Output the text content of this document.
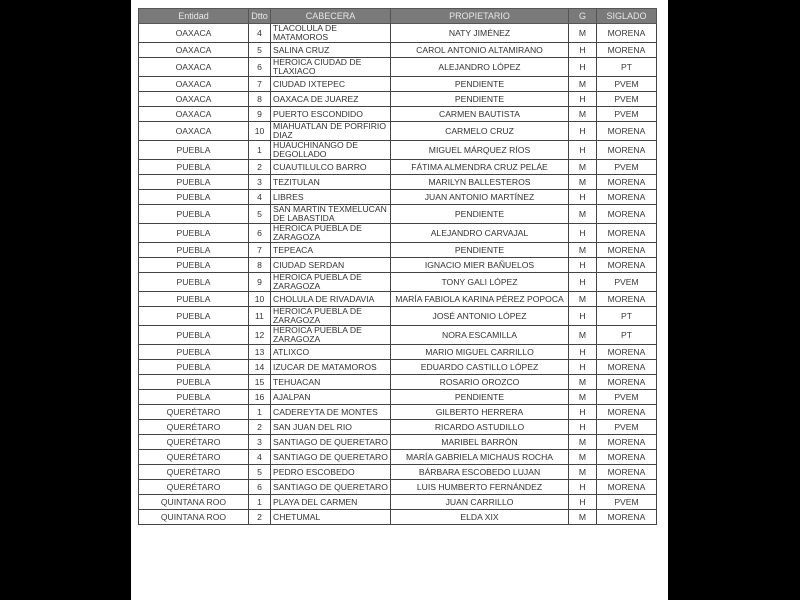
Entidad	Dtto	CABECERA	PROPIETARIO	G	SIGLADO
OAXACA	4	TLACOLULA DE MATAMOROS	NATY JIMÉNEZ	M	MORENA
OAXACA	5	SALINA CRUZ	CAROL ANTONIO ALTAMIRANO	H	MORENA
OAXACA	6	HEROICA CIUDAD DE TLAXIACO	ALEJANDRO LÓPEZ	H	PT
OAXACA	7	CIUDAD IXTEPEC	PENDIENTE	M	PVEM
OAXACA	8	OAXACA DE JUAREZ	PENDIENTE	H	PVEM
OAXACA	9	PUERTO ESCONDIDO	CARMEN BAUTISTA	M	PVEM
OAXACA	10	MIAHUATLAN DE PORFIRIO DIAZ	CARMELO CRUZ	H	MORENA
PUEBLA	1	HUAUCHINANGO DE DEGOLLADO	MIGUEL MÁRQUEZ RÍOS	H	MORENA
PUEBLA	2	CUAUTILULCO BARRO	FÁTIMA ALMENDRA CRUZ PELÁE	M	PVEM
PUEBLA	3	TEZITULAN	MARILYN BALLESTEROS	M	MORENA
PUEBLA	4	LIBRES	JUAN ANTONIO MARTÍNEZ	H	MORENA
PUEBLA	5	SAN MARTIN TEXMELUCAN DE LABASTIDA	PENDIENTE	M	MORENA
PUEBLA	6	HEROICA PUEBLA DE ZARAGOZA	ALEJANDRO CARVAJAL	H	MORENA
PUEBLA	7	TEPEACA	PENDIENTE	M	MORENA
PUEBLA	8	CIUDAD SERDAN	IGNACIO MIER BAÑUELOS	H	MORENA
PUEBLA	9	HEROICA PUEBLA DE ZARAGOZA	TONY GALI LÓPEZ	H	PVEM
PUEBLA	10	CHOLULA DE RIVADAVIA	MARÍA FABIOLA KARINA PÉREZ POPOCA	M	MORENA
PUEBLA	11	HEROICA PUEBLA DE ZARAGOZA	JOSÉ ANTONIO LÓPEZ	H	PT
PUEBLA	12	HEROICA PUEBLA DE ZARAGOZA	NORA ESCAMILLA	M	PT
PUEBLA	13	ATLIXCO	MARIO MIGUEL CARRILLO	H	MORENA
PUEBLA	14	IZUCAR DE MATAMOROS	EDUARDO CASTILLO LÓPEZ	H	MORENA
PUEBLA	15	TEHUACAN	ROSARIO OROZCO	M	MORENA
PUEBLA	16	AJALPAN	PENDIENTE	M	PVEM
QUERÉTARO	1	CADEREYTA DE MONTES	GILBERTO HERRERA	H	MORENA
QUERÉTARO	2	SAN JUAN DEL RIO	RICARDO ASTUDILLO	H	PVEM
QUERÉTARO	3	SANTIAGO DE QUERETARO	MARIBEL BARRÓN	M	MORENA
QUERÉTARO	4	SANTIAGO DE QUERETARO	MARÍA GABRIELA MICHAUS ROCHA	M	MORENA
QUERÉTARO	5	PEDRO ESCOBEDO	BÁRBARA ESCOBEDO LUJAN	M	MORENA
QUERÉTARO	6	SANTIAGO DE QUERETARO	LUIS HUMBERTO FERNÁNDEZ	H	MORENA
QUINTANA ROO	1	PLAYA DEL CARMEN	JUAN CARRILLO	H	PVEM
QUINTANA ROO	2	CHETUMAL	ELDA XIX	M	MORENA
